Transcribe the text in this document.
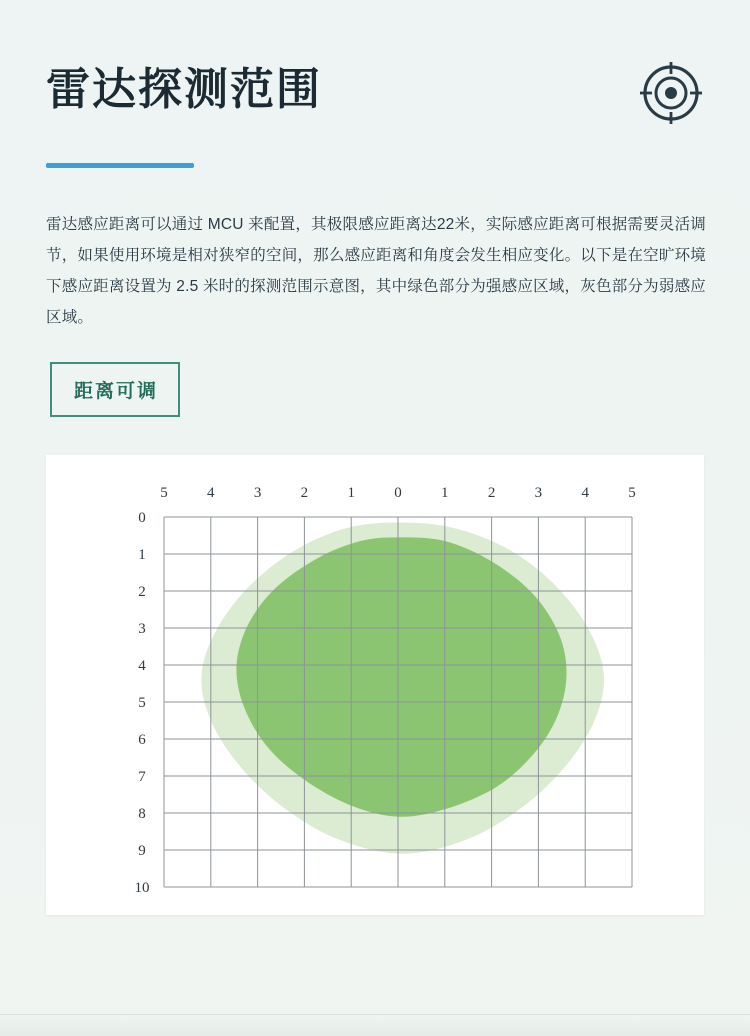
雷达探测范围

雷达感应距离可以通过 MCU 来配置，其极限感应距离达22米，实际感应距离可根据需要灵活调节，如果使用环境是相对狭窄的空间，那么感应距离和角度会发生相应变化。以下是在空旷环境下感应距离设置为 2.5 米时的探测范围示意图，其中绿色部分为强感应区域，灰色部分为弱感应区域。

距离可调
5	4	3	2	1	0	1	2	3	4	5
0
1
2
3
4
5
6
7
8
9
10
